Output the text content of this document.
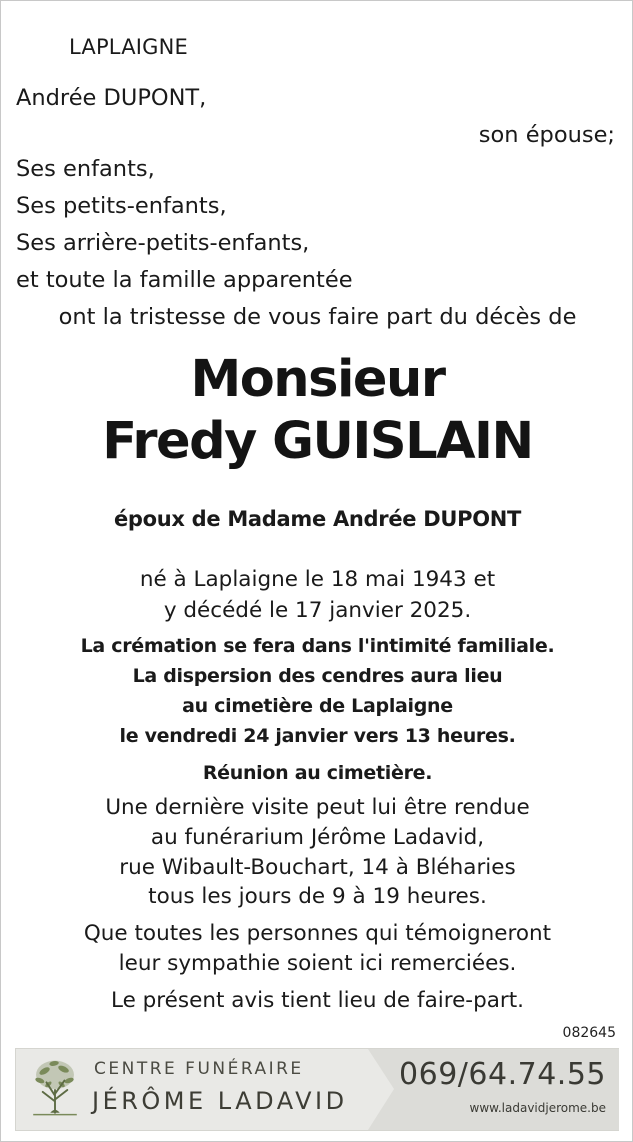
LAPLAIGNE
Andrée DUPONT,
son épouse;
Ses enfants,
Ses petits-enfants,
Ses arrière-petits-enfants,
et toute la famille apparentée
ont la tristesse de vous faire part du décès de
Monsieur
Fredy GUISLAIN
époux de Madame Andrée DUPONT
né à Laplaigne le 18 mai 1943 et
y décédé le 17 janvier 2025.
La crémation se fera dans l'intimité familiale.
La dispersion des cendres aura lieu
au cimetière de Laplaigne
le vendredi 24 janvier vers 13 heures.
Réunion au cimetière.
Une dernière visite peut lui être rendue
au funérarium Jérôme Ladavid,
rue Wibault-Bouchart, 14 à Bléharies
tous les jours de 9 à 19 heures.
Que toutes les personnes qui témoigneront
leur sympathie soient ici remerciées.
Le présent avis tient lieu de faire-part.
082645
CENTRE FUNÉRAIRE
JÉRÔME LADAVID
069/64.74.55
www.ladavidjerome.be
